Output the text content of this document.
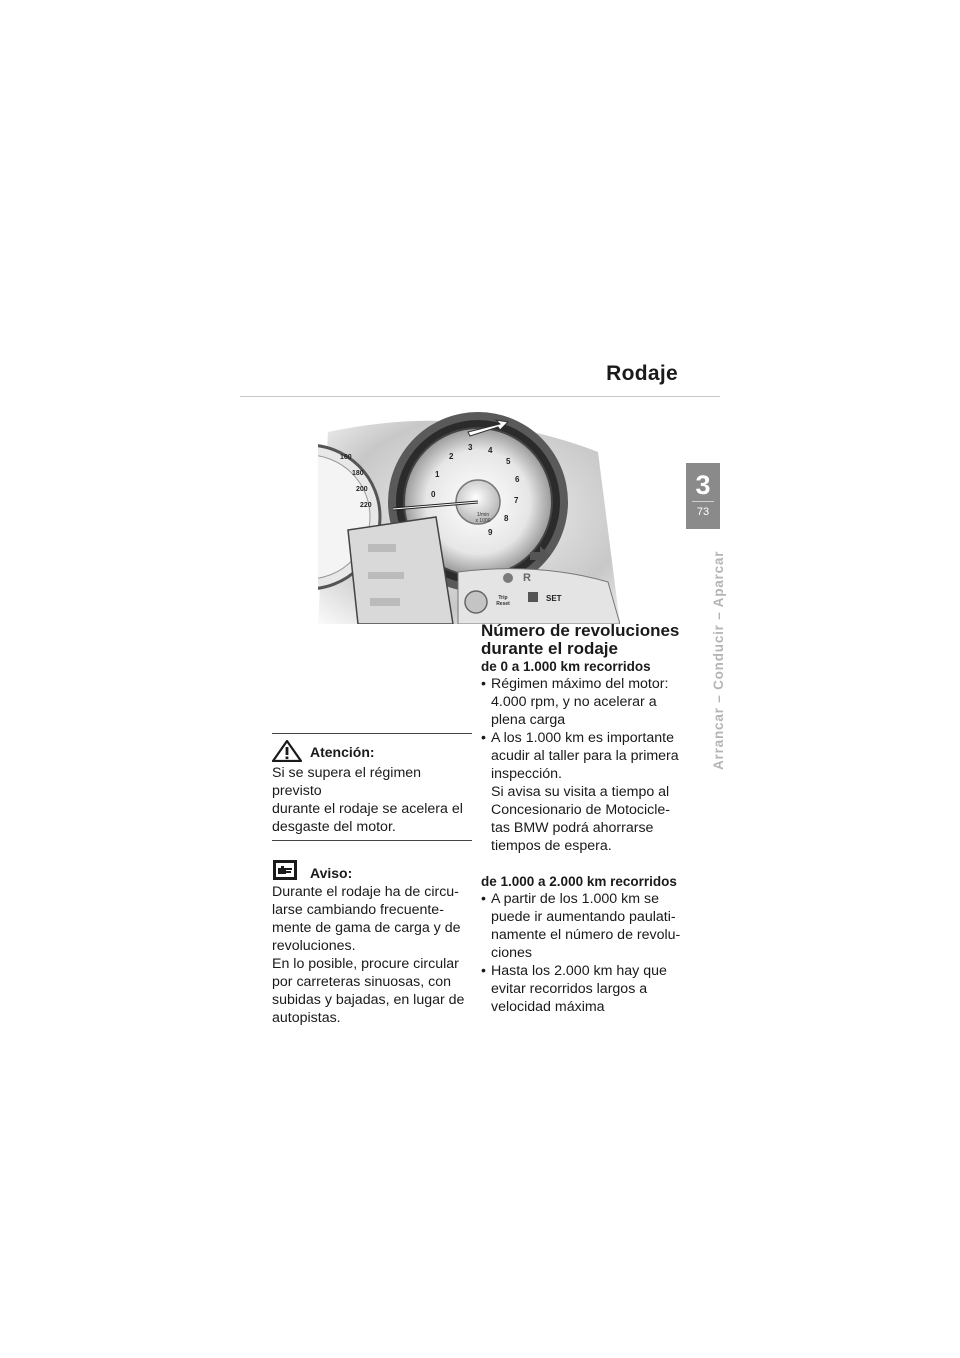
Rodaje
1/min
x 1000
R
Trip
Reset
SET
160
180
200
220
0
1
2
3 4
5
6
7
8
9
3
73
Arrancar – Conducir – Aparcar
Atención:

Si se supera el régimen previsto
durante el rodaje se acelera el
desgaste del motor.

Aviso:

Durante el rodaje ha de circu-
larse cambiando frecuente-
mente de gama de carga y de
revoluciones.
En lo posible, procure circular
por carreteras sinuosas, con
subidas y bajadas, en lugar de
autopistas.

Número de revoluciones
durante el rodaje

de 0 a 1.000 km recorridos

• Régimen máximo del motor:
4.000 rpm, y no acelerar a
plena carga
• A los 1.000 km es importante
acudir al taller para la primera
inspección.
Si avisa su visita a tiempo al
Concesionario de Motocicle-
tas BMW podrá ahorrarse
tiempos de espera.

de 1.000 a 2.000 km recorridos

• A partir de los 1.000 km se
puede ir aumentando paulati-
namente el número de revolu-
ciones
• Hasta los 2.000 km hay que
evitar recorridos largos a
velocidad máxima
